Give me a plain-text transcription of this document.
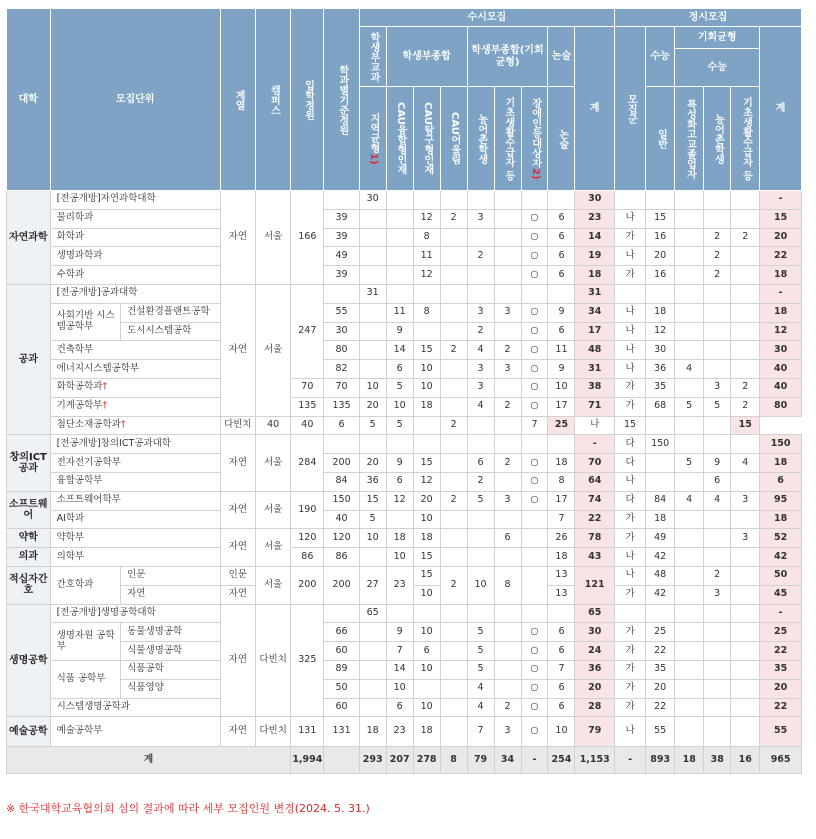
대학	모집단위		계열	캠퍼스	입학정원	학과별기준정원	수시모집									정시모집					
							학생부교과	학생부종합			학생부종합(기회균형)			논술	계	모집군	수능	기회균형			계
																		수능			
							지역균형1)	CAU융합형인재	CAU탐구형인재	CAU어울림	농어촌학생	기초생활수급자 등	장애인등대상자2)	논술			일반	특성화고교졸업자	농어촌학생	기초생활수급자 등	
자연과학	[전공개방]자연과학대학		자연	서울	166		30								30						-
	물리학과					39			12	2	3		○	6	23	나	15				15
	화학과					39			8				○	6	14	가	16		2	2	20
	생명과학과					49			11		2		○	6	19	나	20		2		22
	수학과					39			12				○	6	18	가	16		2		18
공과	[전공개방]공과대학		자연	서울	247		31								31						-
	사회기반 시스템공학부	건설환경플랜트공학				55		11	8		3	3	○	9	34	나	18				18
		도시시스템공학				30		9			2		○	6	17	나	12				12
	건축학부					80		14	15	2	4	2	○	11	48	나	30				30
	에너지시스템공학부					82		6	10		3	3	○	9	31	나	36	4			40
	화학공학과†				70	70	10	5	10		3		○	10	38	가	35		3	2	40
	기계공학부†				135	135	20	10	18		4	2	○	17	71	가	68	5	5	2	80
	첨단소재공학과†		다빈치	40	40	6	5	5		2			7	25	나	15				15	
창의ICT공과	[전공개방]창의ICT공과대학		자연	서울	284										-	다	150				150
	전자전기공학부					200	20	9	15		6	2	○	18	70	다		5	9	4	18
	융합공학부					84	36	6	12		2		○	8	64	나			6		6
소프트웨어	소프트웨어학부		자연	서울	190	150	15	12	20	2	5	3	○	17	74	다	84	4	4	3	95
	AI학과					40	5		10					7	22	가	18				18
약학	약학부		자연	서울	120	120	10	18	18			6		26	78	가	49			3	52
의과	의학부				86	86		10	15					18	43	나	42				42
적십자간호	간호학과	인문	인문	서울	200	200	27	23	15	2	10	8		13	121	나	48		2		50
		자연	자연						10					13		가	42		3		45
생명공학	[전공개방]생명공학대학		자연	다빈치	325		65								65						-
	생명자원 공학부	동물생명공학				66		9	10		5		○	6	30	가	25				25
		식물생명공학				60		7	6		5		○	6	24	가	22				22
	식품 공학부	식품공학				89		14	10		5		○	7	36	가	35				35
		식품영양				50		10			4		○	6	20	가	20				20
	시스템생명공학과					60		6	10		4	2	○	6	28	가	22				22
예술공학	예술공학부		자연	다빈치	131	131	18	23	18		7	3	○	10	79	나	55				55
계					1,994		293	207	278	8	79	34	-	254	1,153	-	893	18	38	16	965
※ 한국대학교육협의회 심의 결과에 따라 세부 모집인원 변경(2024. 5. 31.)
